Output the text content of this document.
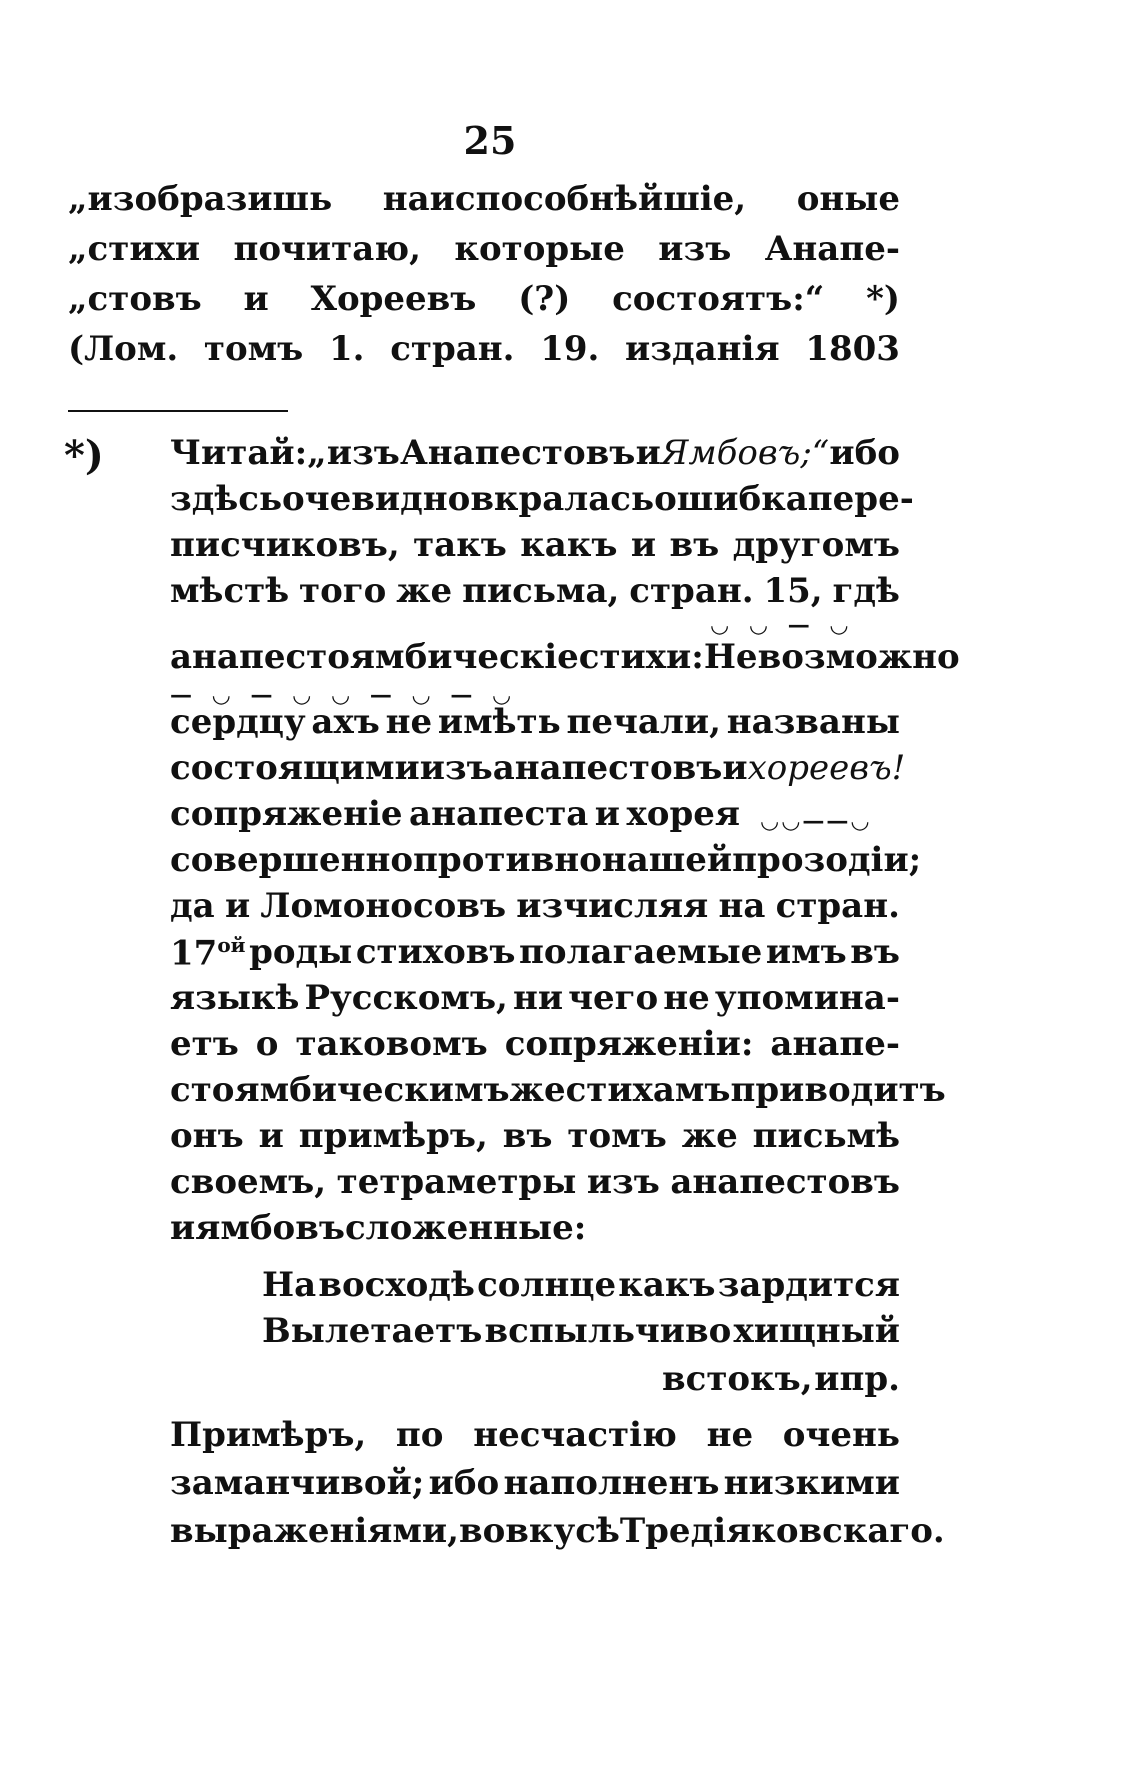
25
„изобразишь наиспособнѣйшіе, оные
„стихи почитаю, которые изъ Анапе-
„стовъ и Хореевъ (?) состоятъ:“ *)
(Лом. томъ 1. стран. 19. изданія 1803
*) Читай:„ изъ Анапестовъ и Ямбовъ;“ ибо
здѣсь очевидно вкралась ошибка пере-
писчиковъ, такъ какъ и въ другомъ
мѣстѣ того же письма, стран. 15, гдѣ
анапестоямбическіе стихи: Невозможно
сердцу ахъ не имѣть печали, названы
состоящими изъ анапестовъ и хореевъ!
сопряженіе анапеста и хорея
совершенно противно нашей прозодіи;
да и Ломоносовъ изчисляя на стран.
$17^{ой}$ роды стиховъ полагаемые имъ въ
языкѣ Русскомъ, ни чего не упомина-
етъ о таковомъ сопряженіи: анапе-
стоямбическимъ же стихамъ приводитъ
онъ и примѣръ, въ томъ же письмѣ
своемъ, тетраметры изъ анапестовъ
и ямбовъ сложенные:
◡ ◡ — ◡
— ◡ — ◡ ◡ — ◡ — ◡
На восходѣ солнце какъ зардится
Вылетаетъ вспыльчиво хищный
встокъ, ипр.
Примѣръ, по несчастію не очень
заманчивой; ибо наполненъ низкими
выраженіями, во вкусѣ Тредіяковскаго.
◡◡——◡
